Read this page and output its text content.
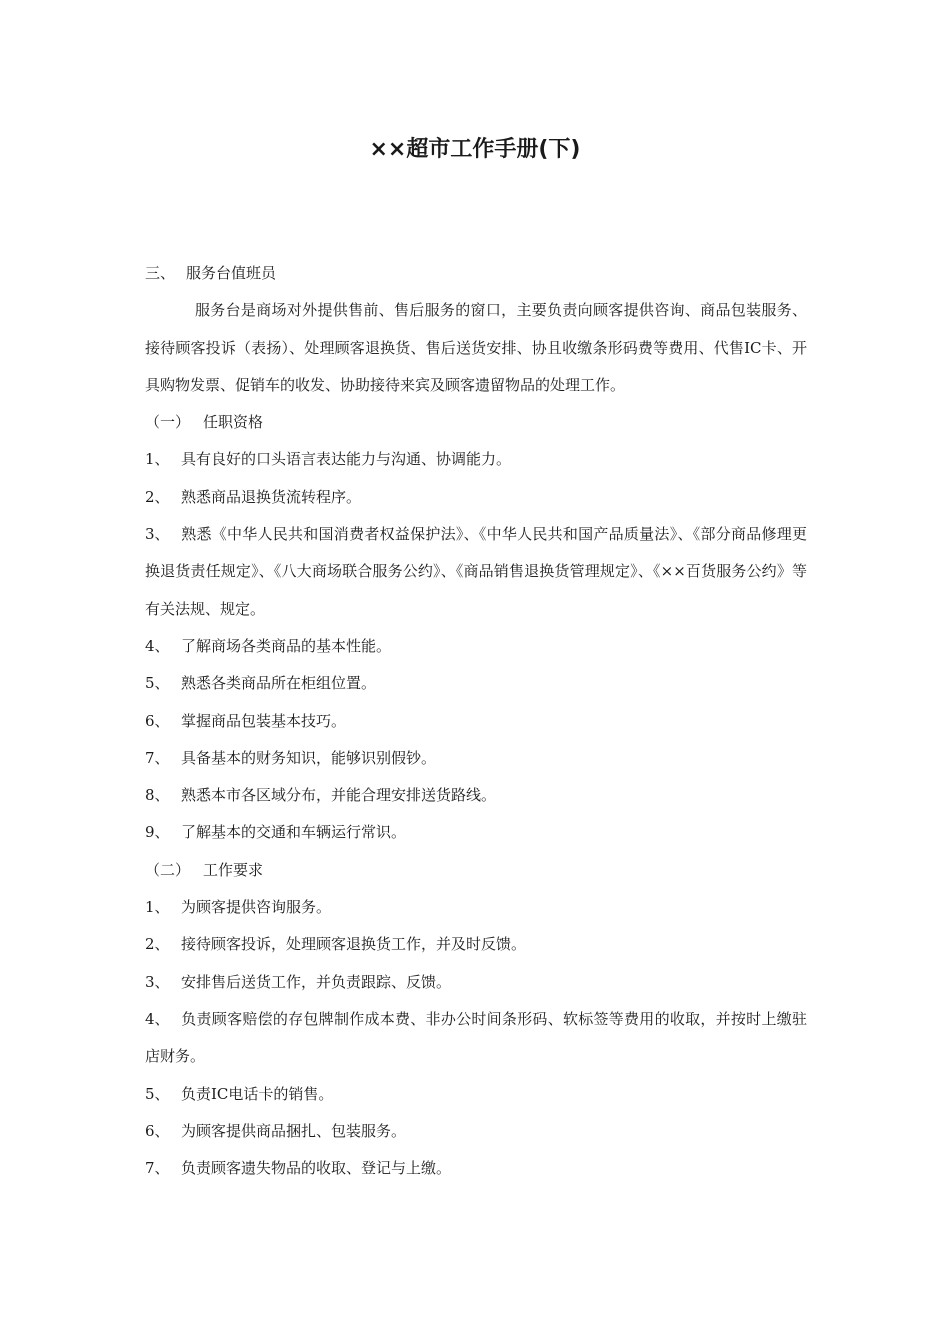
××超市工作手册(下)
三、 服务台值班员

服务台是商场对外提供售前、售后服务的窗口，主要负责向顾客提供咨询、商品包装服务、接待顾客投诉（表扬）、处理顾客退换货、售后送货安排、协且收缴条形码费等费用、代售IC卡、开具购物发票、促销车的收发、协助接待来宾及顾客遗留物品的处理工作。

（一） 任职资格
1、 具有良好的口头语言表达能力与沟通、协调能力。
2、 熟悉商品退换货流转程序。
3、 熟悉《中华人民共和国消费者权益保护法》、《中华人民共和国产品质量法》、《部分商品修理更换退货责任规定》、《八大商场联合服务公约》、《商品销售退换货管理规定》、《××百货服务公约》等有关法规、规定。
4、 了解商场各类商品的基本性能。
5、 熟悉各类商品所在柜组位置。
6、 掌握商品包装基本技巧。
7、 具备基本的财务知识，能够识别假钞。
8、 熟悉本市各区域分布，并能合理安排送货路线。
9、 了解基本的交通和车辆运行常识。
（二） 工作要求
1、 为顾客提供咨询服务。
2、 接待顾客投诉，处理顾客退换货工作，并及时反馈。
3、 安排售后送货工作，并负责跟踪、反馈。
4、 负责顾客赔偿的存包牌制作成本费、非办公时间条形码、软标签等费用的收取，并按时上缴驻店财务。
5、 负责IC电话卡的销售。
6、 为顾客提供商品捆扎、包装服务。
7、 负责顾客遗失物品的收取、登记与上缴。
